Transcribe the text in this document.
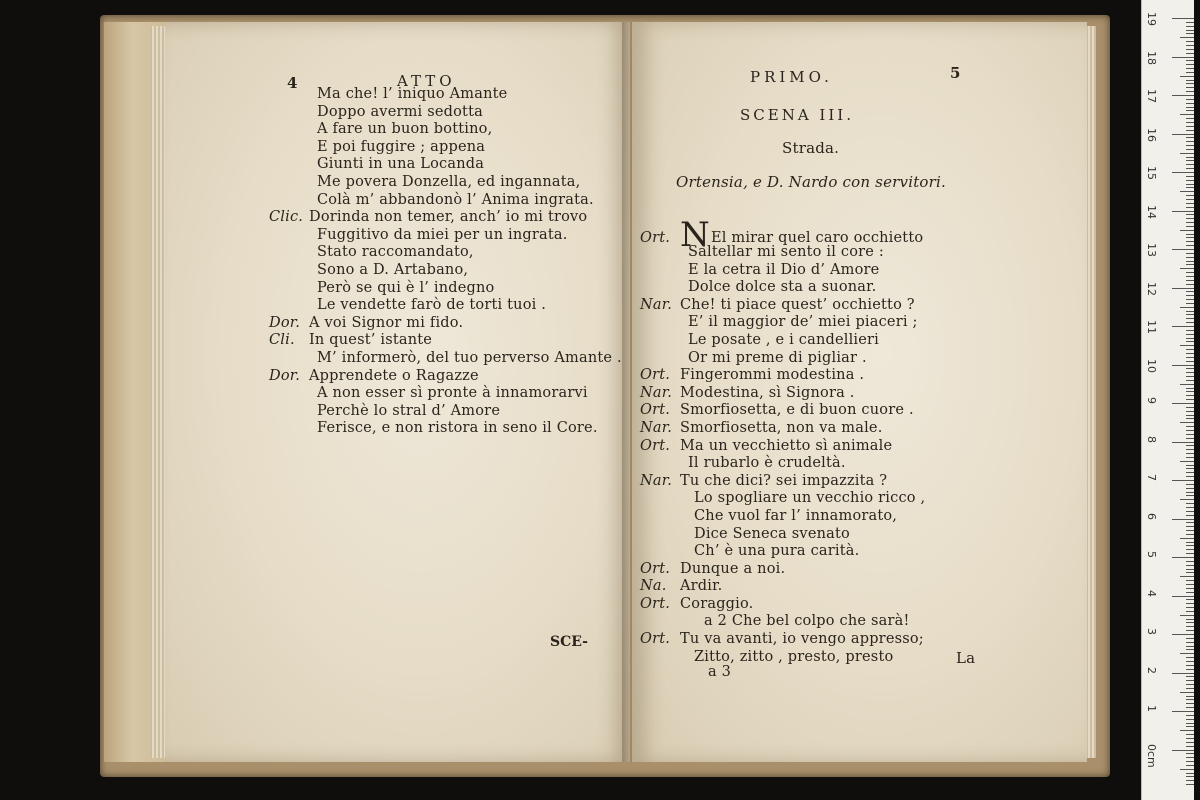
4	ATTO
Ma che! l’ iniquo Amante
Doppo avermi sedotta
A fare un buon bottino,
E poi fuggire ; appena
Giunti in una Locanda
Me povera Donzella, ed ingannata,
Colà m’ abbandonò l’ Anima ingrata.
Clic. Dorinda non temer, anch’ io mi trovo
Fuggitivo da miei per un ingrata.
Stato raccomandato,
Sono a D. Artabano,
Però se qui è l’ indegno
Le vendette farò de torti tuoi .
Dor. A voi Signor mi fido.
Cli. In quest’ istante
M’ informerò, del tuo perverso Amante .
Dor. Apprendete o Ragazze
A non esser sì pronte à innamorarvi
Perchè lo stral d’ Amore
Ferisce, e non ristora in seno il Core.
SCE-
PRIMO.	5
SCENA III.
Strada.
Ortensia, e D. Nardo con servitori.
Ort. NEl mirar quel caro occhietto
Saltellar mi sento il core :
E la cetra il Dio d’ Amore
Dolce dolce sta a suonar.
Nar. Che! ti piace quest’ occhietto ?
E’ il maggior de’ miei piaceri ;
Le posate , e i candellieri
Or mi preme di pigliar .
Ort. Fingerommi modestina .
Nar. Modestina, sì Signora .
Ort. Smorfiosetta, e di buon cuore .
Nar. Smorfiosetta, non va male.
Ort. Ma un vecchietto sì animale
Il rubarlo è crudeltà.
Nar. Tu che dici? sei impazzita ?
Lo spogliare un vecchio ricco ,
Che vuol far l’ innamorato,
Dice Seneca svenato
Ch’ è una pura carità.
Ort. Dunque a noi.
Na. Ardir.
Ort. Coraggio.
a 2 Che bel colpo che sarà!
Ort. Tu va avanti, io vengo appresso;
Zitto, zitto , presto, presto
a 3
La
19
18
17
16
15
14
13
12
11
10
9
8
7
6
5
4
3
2
1
0cm
